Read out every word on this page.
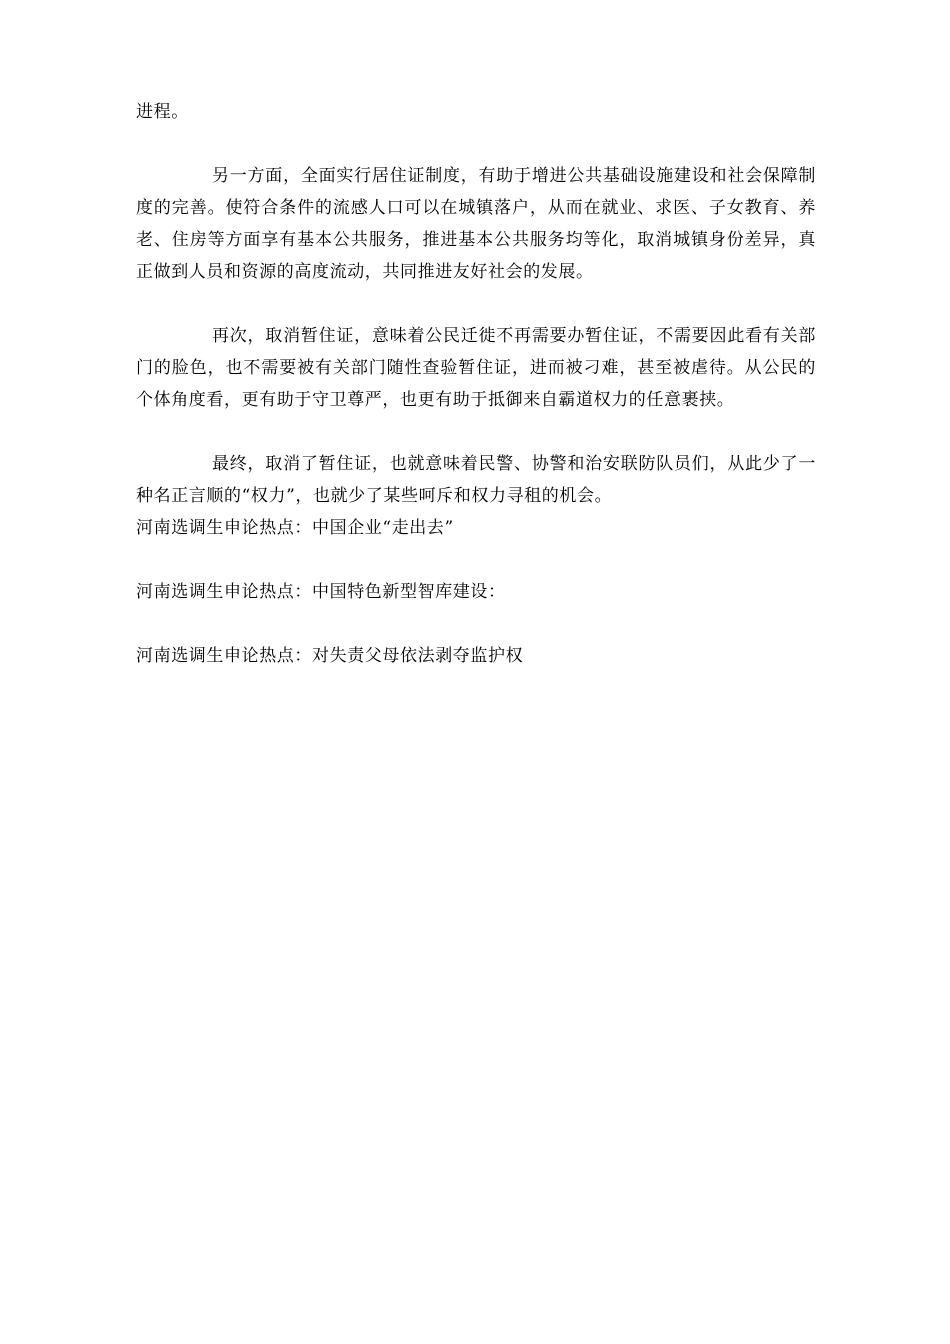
进程。

另一方面，全面实行居住证制度，有助于增进公共基础设施建设和社会保障制度的完善。使符合条件的流感人口可以在城镇落户，从而在就业、求医、子女教育、养老、住房等方面享有基本公共服务，推进基本公共服务均等化，取消城镇身份差异，真正做到人员和资源的高度流动，共同推进友好社会的发展。

再次，取消暂住证，意味着公民迁徙不再需要办暂住证，不需要因此看有关部门的脸色，也不需要被有关部门随性查验暂住证，进而被刁难，甚至被虐待。从公民的个体角度看，更有助于守卫尊严，也更有助于抵御来自霸道权力的任意裹挟。

最终，取消了暂住证，也就意味着民警、协警和治安联防队员们，从此少了一种名正言顺的“权力”，也就少了某些呵斥和权力寻租的机会。

河南选调生申论热点：中国企业“走出去”

河南选调生申论热点：中国特色新型智库建设：

河南选调生申论热点：对失责父母依法剥夺监护权
